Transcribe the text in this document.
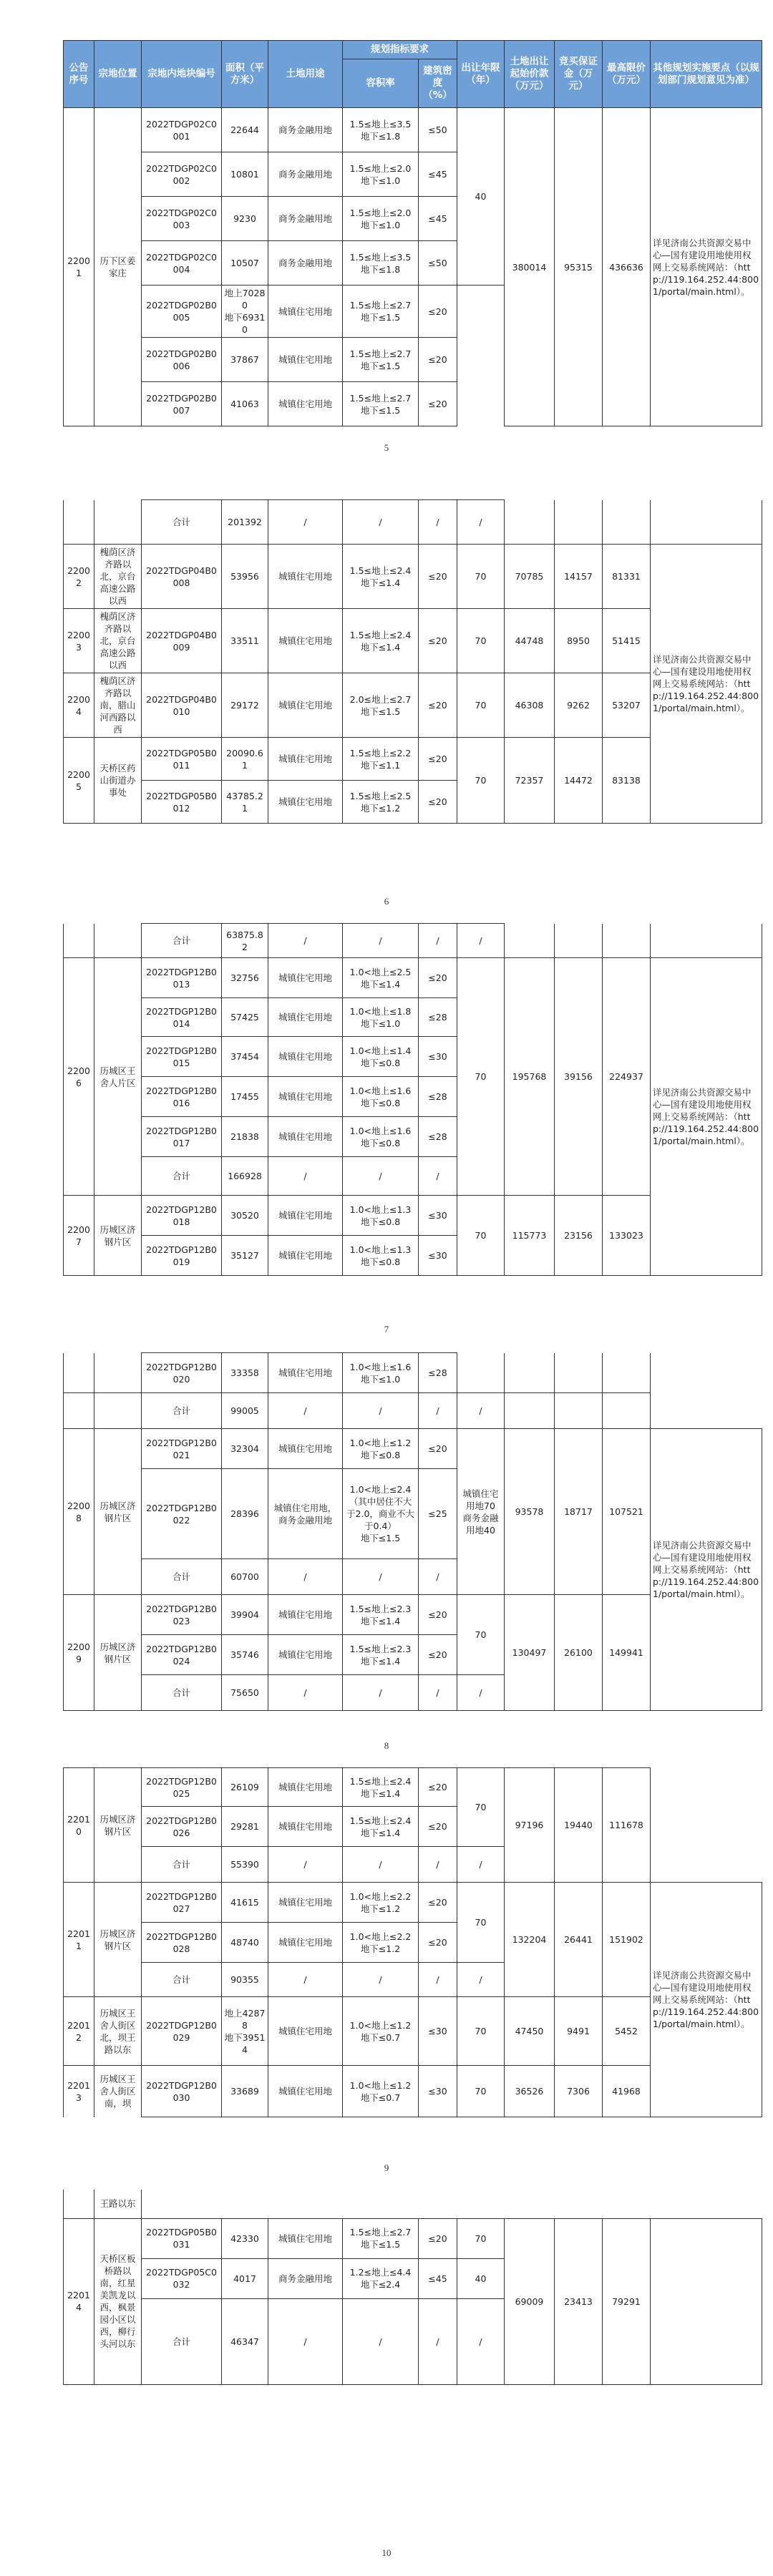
公告序号	宗地位置	宗地内地块编号	面积（平方米）	土地用途	规划指标要求		出让年限（年）	土地出让起始价款（万元）	竞买保证金（万元）	最高限价（万元）	其他规划实施要点（以规划部门规划意见为准）
					容积率	建筑密度（%）					
22001	历下区姜家庄	2022TDGP02C0001	22644	商务金融用地	1.5≤地上≤3.5
地下≤1.8	≤50	40	380014	95315	436636	详见济南公共资源交易中心—国有建设用地使用权网上交易系统网站：（http://119.164.252.44:8001/portal/main.html）。
		2022TDGP02C0002	10801	商务金融用地	1.5≤地上≤2.0
地下≤1.0	≤45					
		2022TDGP02C0003	9230	商务金融用地	1.5≤地上≤2.0
地下≤1.0	≤45					
		2022TDGP02C0004	10507	商务金融用地	1.5≤地上≤3.5
地下≤1.8	≤50					
		2022TDGP02B0005	地上70280
地下69310	城镇住宅用地	1.5≤地上≤2.7
地下≤1.5	≤20					
		2022TDGP02B0006	37867	城镇住宅用地	1.5≤地上≤2.7
地下≤1.5	≤20					
		2022TDGP02B0007	41063	城镇住宅用地	1.5≤地上≤2.7
地下≤1.5	≤20					
5
		合计	201392	/	/	/	/				
22002	槐荫区济齐路以北，京台高速公路以西	2022TDGP04B0008	53956	城镇住宅用地	1.5≤地上≤2.4
地下≤1.4	≤20	70	70785	14157	81331	详见济南公共资源交易中心—国有建设用地使用权网上交易系统网站：（http://119.164.252.44:8001/portal/main.html）。
22003	槐荫区济齐路以北，京台高速公路以西	2022TDGP04B0009	33511	城镇住宅用地	1.5≤地上≤2.4
地下≤1.4	≤20	70	44748	8950	51415	
22004	槐荫区济齐路以南，腊山河西路以西	2022TDGP04B0010	29172	城镇住宅用地	2.0≤地上≤2.7
地下≤1.5	≤20	70	46308	9262	53207	
22005	天桥区药山街道办事处	2022TDGP05B0011	20090.61	城镇住宅用地	1.5≤地上≤2.2
地下≤1.1	≤20	70	72357	14472	83138	
		2022TDGP05B0012	43785.21	城镇住宅用地	1.5≤地上≤2.5
地下≤1.2	≤20					
6
		合计	63875.82	/	/	/	/				
22006	历城区王舍人片区	2022TDGP12B0013	32756	城镇住宅用地	1.0<地上≤2.5
地下≤1.4	≤20	70	195768	39156	224937	详见济南公共资源交易中心—国有建设用地使用权网上交易系统网站：（http://119.164.252.44:8001/portal/main.html）。
		2022TDGP12B0014	57425	城镇住宅用地	1.0<地上≤1.8
地下≤1.0	≤28					
		2022TDGP12B0015	37454	城镇住宅用地	1.0<地上≤1.4
地下≤0.8	≤30					
		2022TDGP12B0016	17455	城镇住宅用地	1.0<地上≤1.6
地下≤0.8	≤28					
		2022TDGP12B0017	21838	城镇住宅用地	1.0<地上≤1.6
地下≤0.8	≤28					
		合计	166928	/	/	/					
22007	历城区济钢片区	2022TDGP12B0018	30520	城镇住宅用地	1.0<地上≤1.3
地下≤0.8	≤30	70	115773	23156	133023	
		2022TDGP12B0019	35127	城镇住宅用地	1.0<地上≤1.3
地下≤0.8	≤30					
7
		2022TDGP12B0020	33358	城镇住宅用地	1.0<地上≤1.6
地下≤1.0	≤28						
		合计	99005	/	/	/	/					
22008	历城区济钢片区	2022TDGP12B0021	32304	城镇住宅用地	1.0<地上≤1.2
地下≤0.8	≤20	城镇住宅用地70
商务金融用地40	93578	18717	107521	详见济南公共资源交易中心—国有建设用地使用权网上交易系统网站：（http://119.164.252.44:8001/portal/main.html）。	
		2022TDGP12B0022	28396	城镇住宅用地，商务金融用地	1.0<地上≤2.4（其中居住不大于2.0，商业不大于0.4）
地下≤1.5	≤25						
		合计	60700	/	/	/						
22009	历城区济钢片区	2022TDGP12B0023	39904	城镇住宅用地	1.5≤地上≤2.3
地下≤1.4	≤20	70	130497	26100	149941		
		2022TDGP12B0024	35746	城镇住宅用地	1.5≤地上≤2.3
地下≤1.4	≤20						
		合计	75650	/	/	/	/					
8
22010	历城区济钢片区	2022TDGP12B0025	26109	城镇住宅用地	1.5≤地上≤2.4
地下≤1.4	≤20	70	97196	19440	111678	
		2022TDGP12B0026	29281	城镇住宅用地	1.5≤地上≤2.4
地下≤1.4	≤20					
		合计	55390	/	/	/	/				
22011	历城区济钢片区	2022TDGP12B0027	41615	城镇住宅用地	1.0<地上≤2.2
地下≤1.2	≤20	70	132204	26441	151902	详见济南公共资源交易中心—国有建设用地使用权网上交易系统网站：（http://119.164.252.44:8001/portal/main.html）。
		2022TDGP12B0028	48740	城镇住宅用地	1.0<地上≤2.2
地下≤1.2	≤20					
		合计	90355	/	/	/	/				
22012	历城区王舍人街区北，坝王路以东	2022TDGP12B0029	地上42878
地下39514	城镇住宅用地	1.0<地上≤1.2
地下≤0.7	≤30	70	47450	9491	5452	
22013	历城区王舍人街区南，坝	2022TDGP12B0030	33689	城镇住宅用地	1.0<地上≤1.2
地下≤0.7	≤30	70	36526	7306	41968	
9
	王路以东										
22014	天桥区板桥路以南，红星美凯龙以西，枫景园小区以西，柳行头河以东	2022TDGP05B0031	42330	城镇住宅用地	1.5≤地上≤2.7
地下≤1.5	≤20	70	69009	23413	79291	
		2022TDGP05C0032	4017	商务金融用地	1.2≤地上≤4.4
地下≤2.4	≤45	40				
		合计	46347	/	/	/	/				
10
